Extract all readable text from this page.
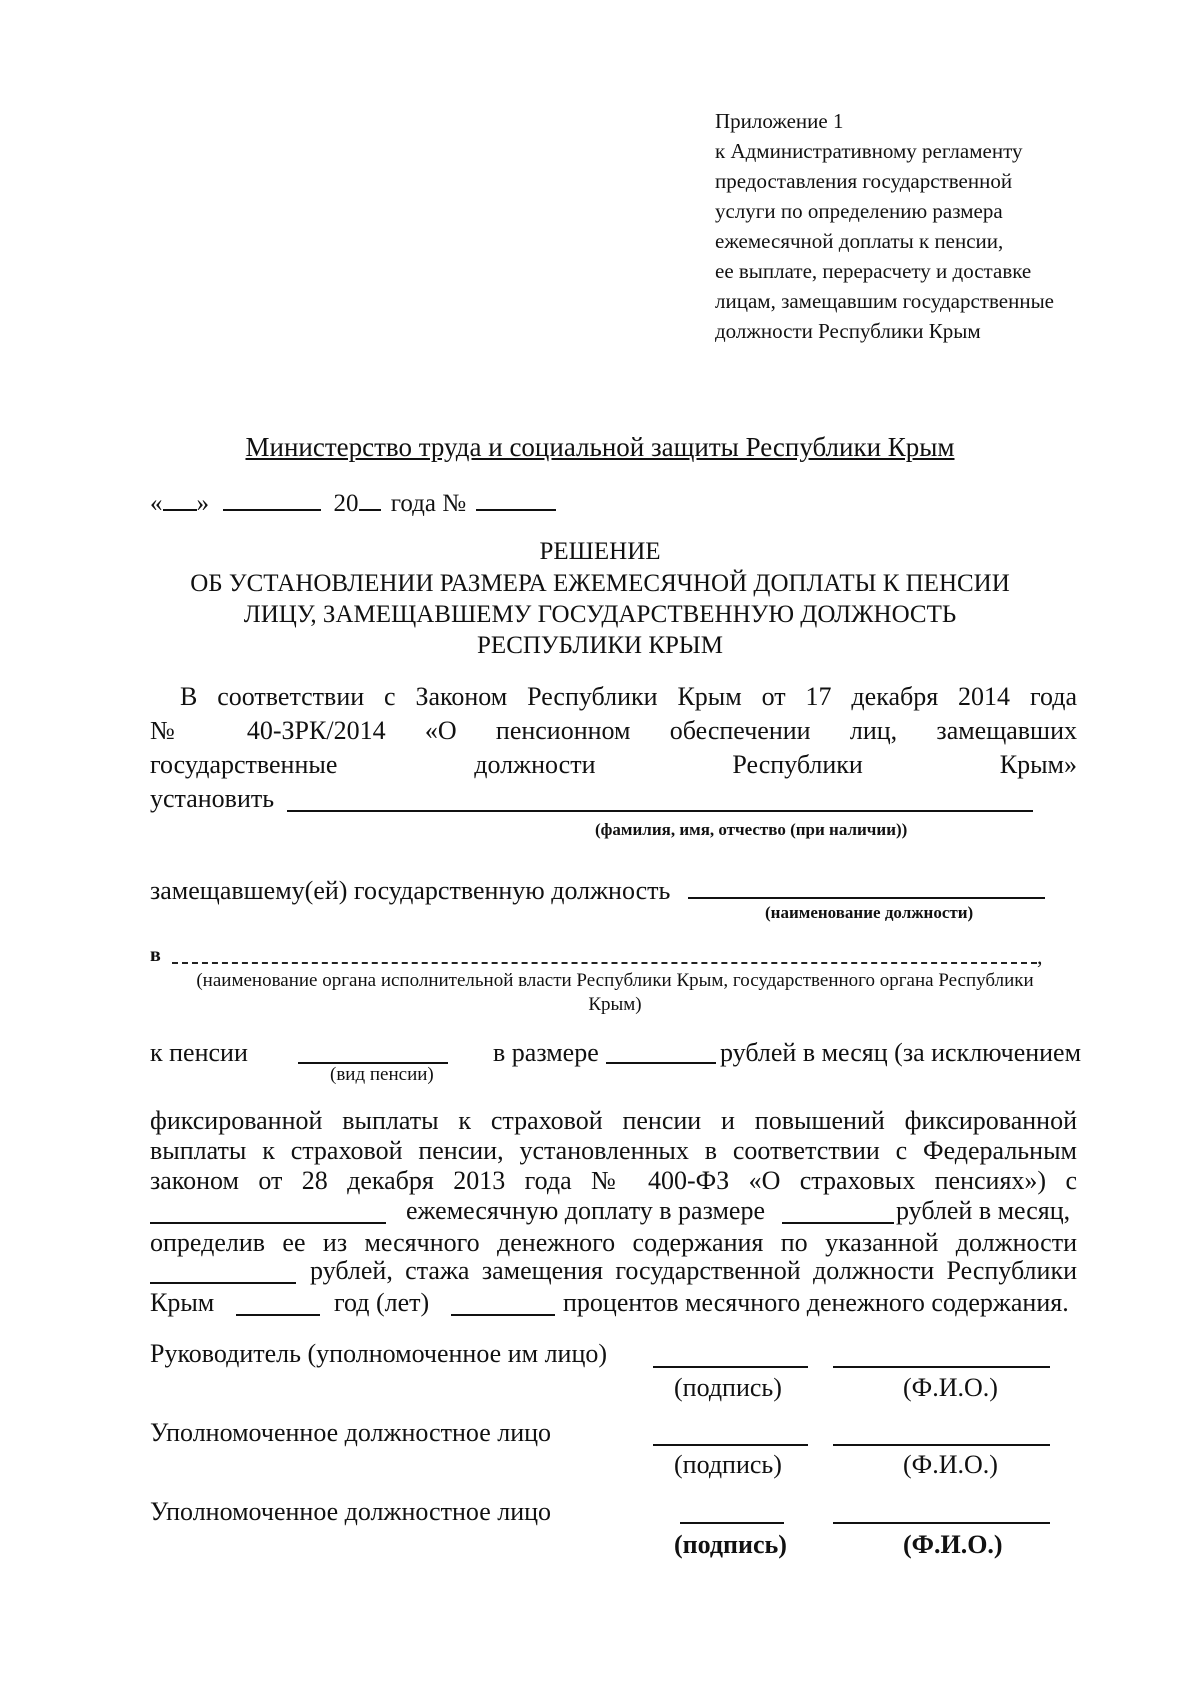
Приложение 1
к Административному регламенту
предоставления государственной
услуги по определению размера
ежемесячной доплаты к пенсии,
ее выплате, перерасчету и доставке
лицам, замещавшим государственные
должности Республики Крым
Министерство труда и социальной защиты Республики Крым
« »	20 года №
РЕШЕНИЕ
ОБ УСТАНОВЛЕНИИ РАЗМЕРА ЕЖЕМЕСЯЧНОЙ ДОПЛАТЫ К ПЕНСИИ
ЛИЦУ, ЗАМЕЩАВШЕМУ ГОСУДАРСТВЕННУЮ ДОЛЖНОСТЬ
РЕСПУБЛИКИ КРЫМ
В соответствии с Законом Республики Крым от 17 декабря 2014 года
№ 40-ЗРК/2014 «О пенсионном обеспечении лиц, замещавших
государственные должности Республики Крым»
установить
(фамилия, имя, отчество (при наличии))
замещавшему(ей) государственную должность
(наименование должности)
в	,
(наименование органа исполнительной власти Республики Крым, государственного органа Республики
Крым)
к пенсии
(вид пенсии)
в размере	рублей в месяц (за исключением
фиксированной выплаты к страховой пенсии и повышений фиксированной
выплаты к страховой пенсии, установленных в соответствии с Федеральным
законом от 28 декабря 2013 года № 400-ФЗ «О страховых пенсиях») с
ежемесячную доплату в размере	рублей в месяц,
определив ее из месячного денежного содержания по указанной должности
рублей, стажа замещения государственной должности Республики
Крым	год (лет)	процентов месячного денежного содержания.
Руководитель (уполномоченное им лицо)
(подпись)	(Ф.И.О.)
Уполномоченное должностное лицо
(подпись)	(Ф.И.О.)
Уполномоченное должностное лицо
(подпись)	(Ф.И.О.)
